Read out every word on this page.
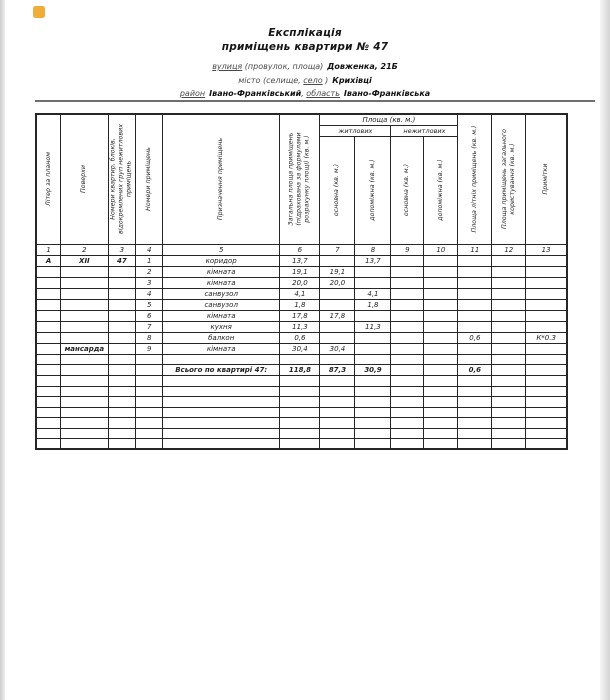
Експлікація
приміщень квартири № 47
вулиця (провулок, площа) Довженка, 21Б
місто (селище, село ) Крихівці
район Івано-Франківський, область Івано-Франківська
Літер за планом	Поверхи	Номери квартир, блоків, відокремлених груп нежитлових приміщень	Номери приміщень	Призначення приміщень	Загальна площа приміщень (підрахована за формулами розрахунку площі) (кв. м.)	Площа (кв. м.)				Площа літніх приміщень (кв. м.)	Площа приміщень загального користування (кв. м.)	Примітки

						житлових		нежитлових				

						основна (кв. м.)	допоміжна (кв. м.)	основна (кв. м.)	допоміжна (кв. м.)			

1	2	3	4	5	6	7	8	9	10	11	12	13
А	XII	47	1	коридор	13,7		13,7					
			2	кімната	19,1	19,1						
			3	кімната	20,0	20,0						
			4	санвузол	4,1		4,1					
			5	санвузол	1,8		1,8					
			6	кімната	17,8	17,8						
			7	кухня	11,3		11,3					
			8	балкон	0,6					0,6		К*0.3
	мансарда		9	кімната	30,4	30,4						

				Всього по квартирі 47:	118,8	87,3	30,9			0,6		
